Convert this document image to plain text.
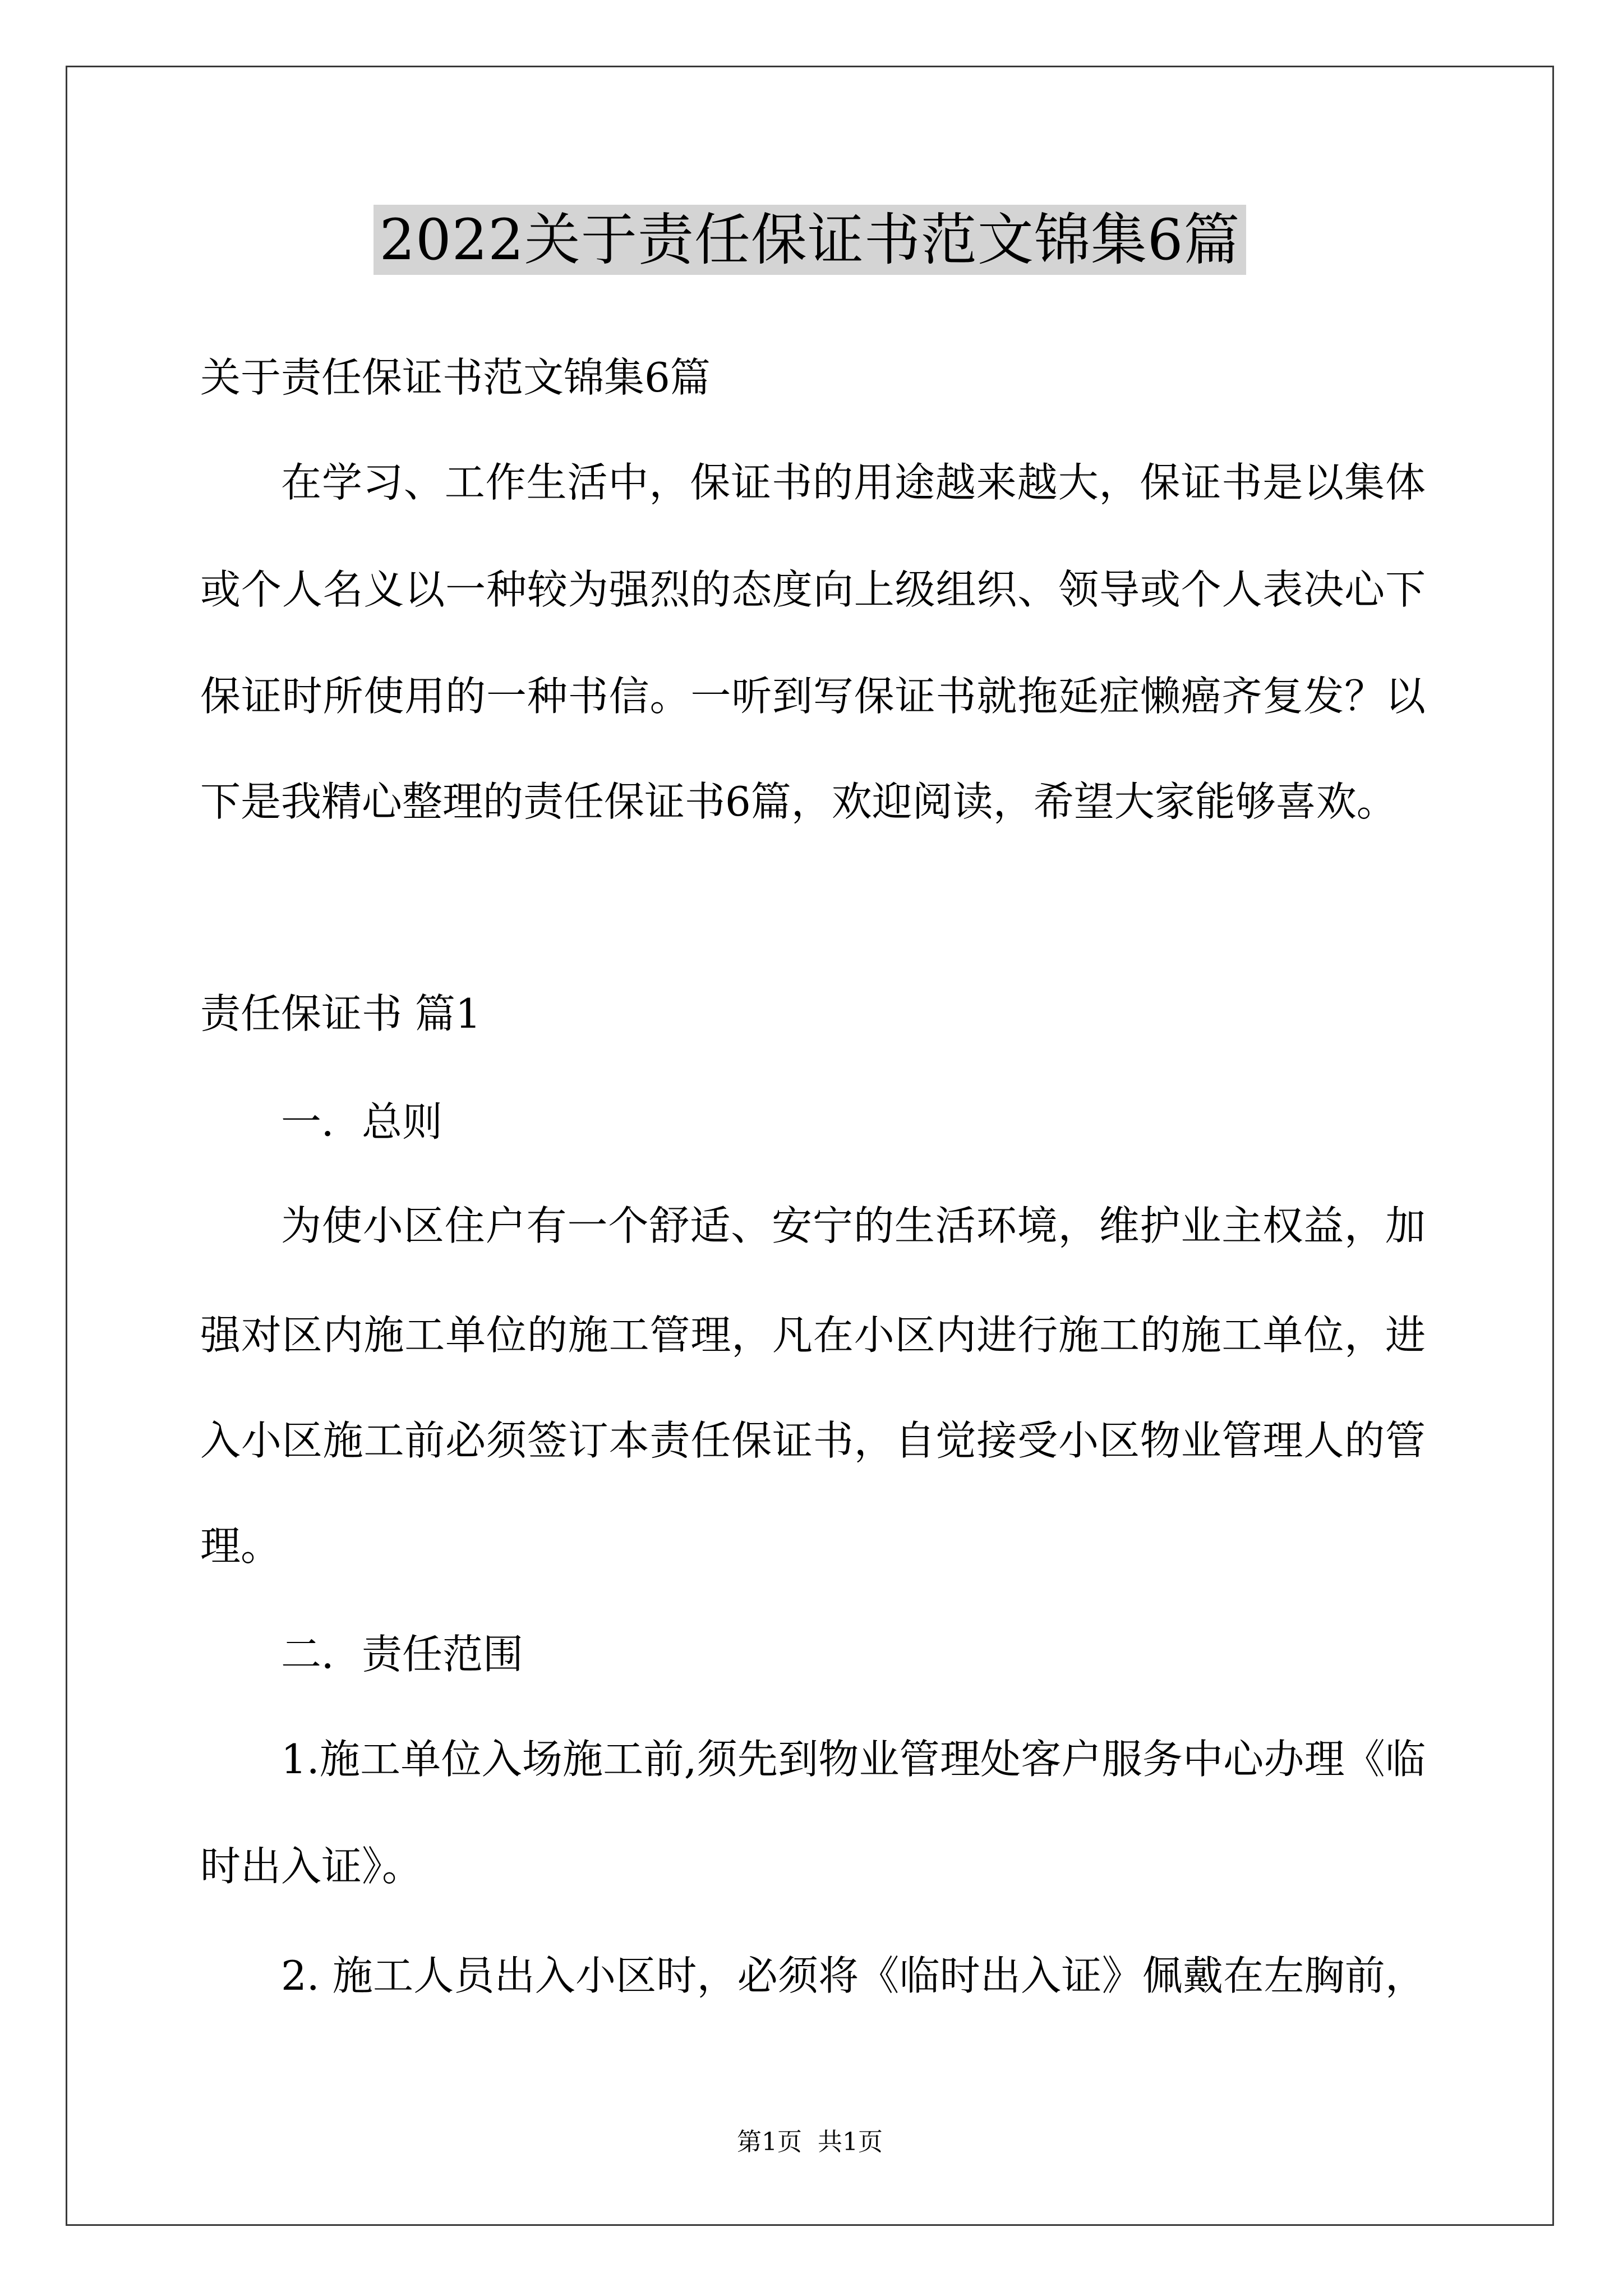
2022关于责任保证书范文锦集6篇
关于责任保证书范文锦集6篇
在学习、工作生活中，保证书的用途越来越大，保证书是以集体
或个人名义以一种较为强烈的态度向上级组织、领导或个人表决心下
保证时所使用的一种书信。一听到写保证书就拖延症懒癌齐复发？以
下是我精心整理的责任保证书6篇，欢迎阅读，希望大家能够喜欢。
责任保证书 篇1
一．总则
为使小区住户有一个舒适、安宁的生活环境，维护业主权益，加
强对区内施工单位的施工管理，凡在小区内进行施工的施工单位，进
入小区施工前必须签订本责任保证书，自觉接受小区物业管理人的管
理。
二．责任范围
1.施工单位入场施工前,须先到物业管理处客户服务中心办理《临
时出入证》。
2. 施工人员出入小区时，必须将《临时出入证》佩戴在左胸前，
第1页  共1页
